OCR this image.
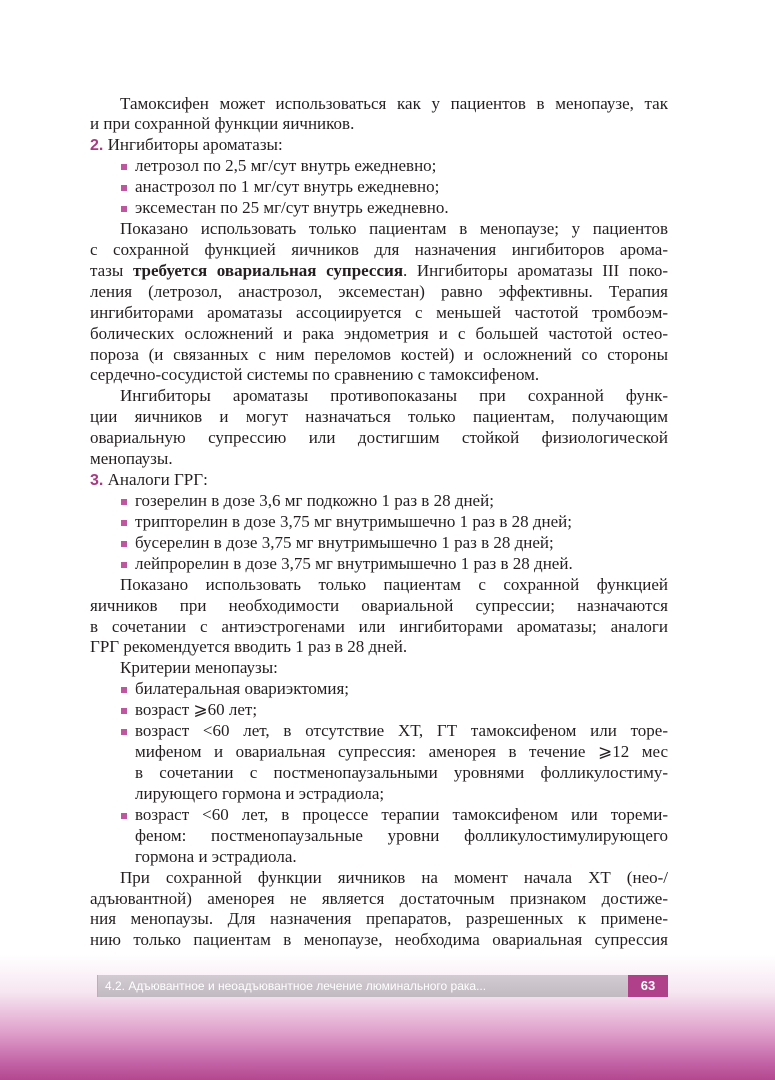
Тамоксифен может использоваться как у пациентов в менопаузе, так
и при сохранной функции яичников.
2. Ингибиторы ароматазы:
летрозол по 2,5 мг/сут внутрь ежедневно;
анастрозол по 1 мг/сут внутрь ежедневно;
эксеместан по 25 мг/сут внутрь ежедневно.
Показано использовать только пациентам в менопаузе; у пациентов
с сохранной функцией яичников для назначения ингибиторов арома-
тазы требуется овариальная супрессия. Ингибиторы ароматазы III поко-
ления (летрозол, анастрозол, эксеместан) равно эффективны. Терапия
ингибиторами ароматазы ассоциируется с меньшей частотой тромбоэм-
болических осложнений и рака эндометрия и с большей частотой остео-
пороза (и связанных с ним переломов костей) и осложнений со стороны
сердечно-сосудистой системы по сравнению с тамоксифеном.
Ингибиторы ароматазы противопоказаны при сохранной функ-
ции яичников и могут назначаться только пациентам, получающим
овариальную супрессию или достигшим стойкой физиологической
менопаузы.
3. Аналоги ГРГ:
гозерелин в дозе 3,6 мг подкожно 1 раз в 28 дней;
трипторелин в дозе 3,75 мг внутримышечно 1 раз в 28 дней;
бусерелин в дозе 3,75 мг внутримышечно 1 раз в 28 дней;
лейпрорелин в дозе 3,75 мг внутримышечно 1 раз в 28 дней.
Показано использовать только пациентам с сохранной функцией
яичников при необходимости овариальной супрессии; назначаются
в сочетании с антиэстрогенами или ингибиторами ароматазы; аналоги
ГРГ рекомендуется вводить 1 раз в 28 дней.
Критерии менопаузы:
билатеральная овариэктомия;
возраст ⩾60 лет;
возраст <60 лет, в отсутствие ХТ, ГТ тамоксифеном или торе-
мифеном и овариальная супрессия: аменорея в течение ⩾12 мес
в сочетании с постменопаузальными уровнями фолликулостиму-
лирующего гормона и эстрадиола;
возраст <60 лет, в процессе терапии тамоксифеном или тореми-
феном: постменопаузальные уровни фолликулостимулирующего
гормона и эстрадиола.
При сохранной функции яичников на момент начала ХТ (нео-/
адъювантной) аменорея не является достаточным признаком достиже-
ния менопаузы. Для назначения препаратов, разрешенных к примене-
нию только пациентам в менопаузе, необходима овариальная супрессия
4.2. Адъювантное и неоадъювантное лечение люминального рака...	63
